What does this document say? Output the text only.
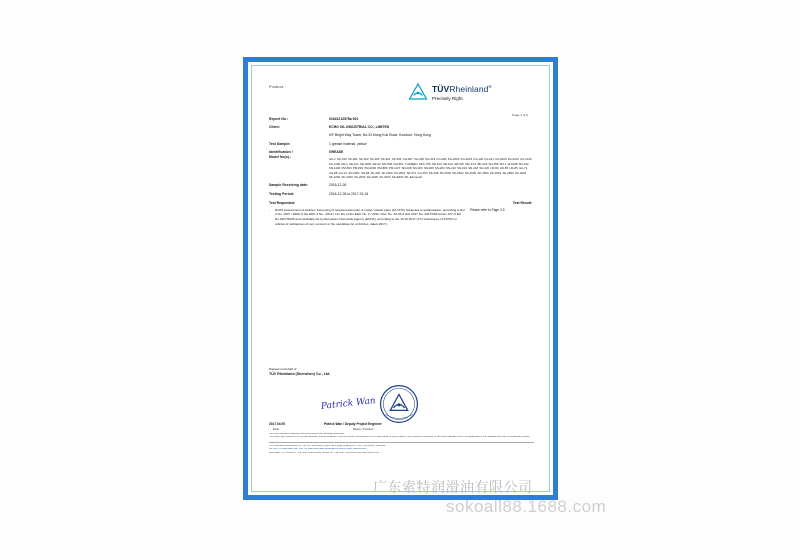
Producs	TÜVRheinland®
Precisely Right.
Page 1 of 9
Report No.:	01641212578a 001
Client:	ECHO OIL INDUSTRIAL CO., LIMITED
5/F Bright Way Tower, No.33 Mong Kok Road, Kowloon, Hong Kong
Test Sample:	1 grease material, yellow
Identification /
Model No(s).:
GREASE
GK-1 SK-016 SK-201 SK-202 SK-203 SK-301 SK-302 CH-007 CH-300 KG-219 KG-280 KG-2000 KG-2001 KA-120 KA-211 KA-2000 KA-0101 KA-1010 KA-1100 KE-1 KE-101 KE-2000 KE-02 GN-508 GN-351 T-GREEN SPC-705 SR-103 SR-104 SR-105 MK-44-0 BK-218 SN-458 SN-1 SN-608 SN-103 SN-1100 PM-800 PM-819 PM-2000 PM-880 PM-1107 SN-008 SN-003 SN-009 SN-200 SN-210 SN-019 SN-218 SN-220 HS-50 HS-55 HS-85 GA-71 CH-88 GA-21 SN-2001 SN-68 SK-220 SK-2000 SK-2001 SK-071 CH-103 SK-068 SK-2000 SK-0502 SK-2000 SK-2500 SK-2001 SK-2500 SK-2001 SK-1000 SK-2200 SK-2000 SK-2000 SK-2000 SK-E500 SK Element2
Sample Receiving date:	2016-12-26
Testing Period:	2016-12-26 to 2017-01-04
Test Requested:	Test Result:
- RoHS Assessment of Articles: Screening of selected elements of metal / plastic parts (Sc-VHC) subjected to authorisation, according to EU 2 No. 1907 / 2006 of the EDC 2 No.. 2012 / 19 / EU of the EDC No. 2 / 2011 / Rec No. 43-33-3 and 2017 No. 2017/999 Annex XIV of EC No.1907/2006 and candidate list by European Chemicals Agency (ECHA), according to the 13.10.2017 (173 substances of SVHCs in articles of substances of very concern in the candidate list of Articles, dated 2017).
Please refer to Page 2-9
Passed on behalf of
TÜV Rheinland (Shenzhen) Co., Ltd.
Patrick Wan
2017.04.05	Patrick Wan / Deputy Project Engineer
Date	Name / Position
This is an Abstract containing three-dimensional raw materials, performed.
This result report issued is for the raw materials. Without limitation of the test results, this document is not responsible for any problem in the production of articles, of the result materials and is not a guarantee to the materials which are the essential products.
TÜV Rheinland (Shenzhen) Co., Ltd. 3/F North Block, Qiyun Technology Building, No. 1 Rd., 1st District, Shenzhen
Tel: +86 755 8828 8888 Fax: +86 755 8828 8000 Mail: service@chn.tuv.com Web: www.tuv.com
ALLOWED TO CONDUCT THE TEST AND ACCEPTANCE OF THE TEST INSTALLATION CERTIFICATION
广东索特润滑油有限公司
sokoall88.1688.com
